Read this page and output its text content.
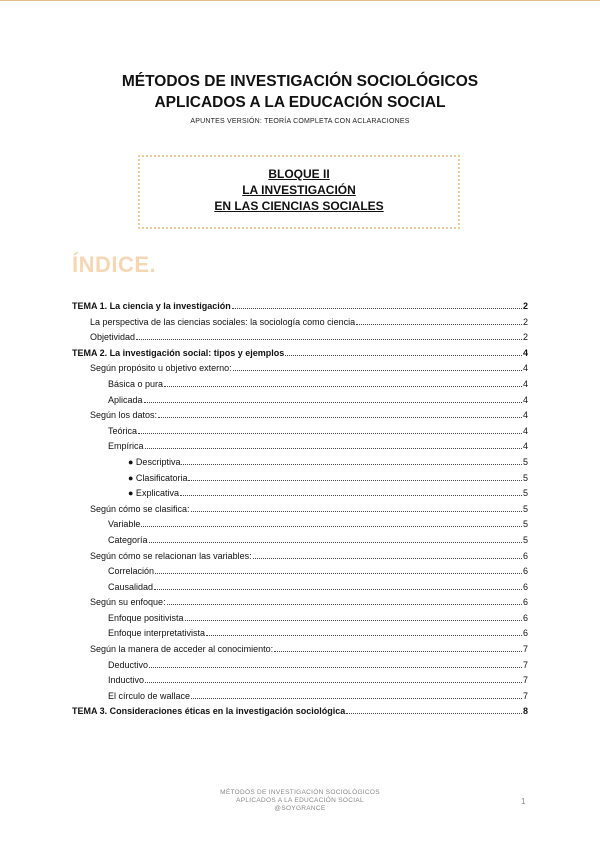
MÉTODOS DE INVESTIGACIÓN SOCIOLÓGICOS
APLICADOS A LA EDUCACIÓN SOCIAL
APUNTES VERSIÓN: TEORÍA COMPLETA CON ACLARACIONES
BLOQUE II
LA INVESTIGACIÓN
EN LAS CIENCIAS SOCIALES
ÍNDICE.
TEMA 1. La ciencia y la investigación	2
La perspectiva de las ciencias sociales: la sociología como ciencia	2
Objetividad	2
TEMA 2. La investigación social: tipos y ejemplos	4
Según propósito u objetivo externo:	4
Básica o pura	4
Aplicada	4
Según los datos:	4
Teórica	4
Empírica	4
● Descriptiva	5
● Clasificatoria	5
● Explicativa	5
Según cómo se clasifica:	5
Variable	5
Categoría	5
Según cómo se relacionan las variables:	6
Correlación	6
Causalidad	6
Según su enfoque:	6
Enfoque positivista	6
Enfoque interpretativista	6
Según la manera de acceder al conocimiento:	7
Deductivo	7
Inductivo	7
El círculo de wallace	7
TEMA 3. Consideraciones éticas en la investigación sociológica	8
MÉTODOS DE INVESTIGACIÓN SOCIOLÓGICOS
APLICADOS A LA EDUCACIÓN SOCIAL
@SOYGRANCE
1
